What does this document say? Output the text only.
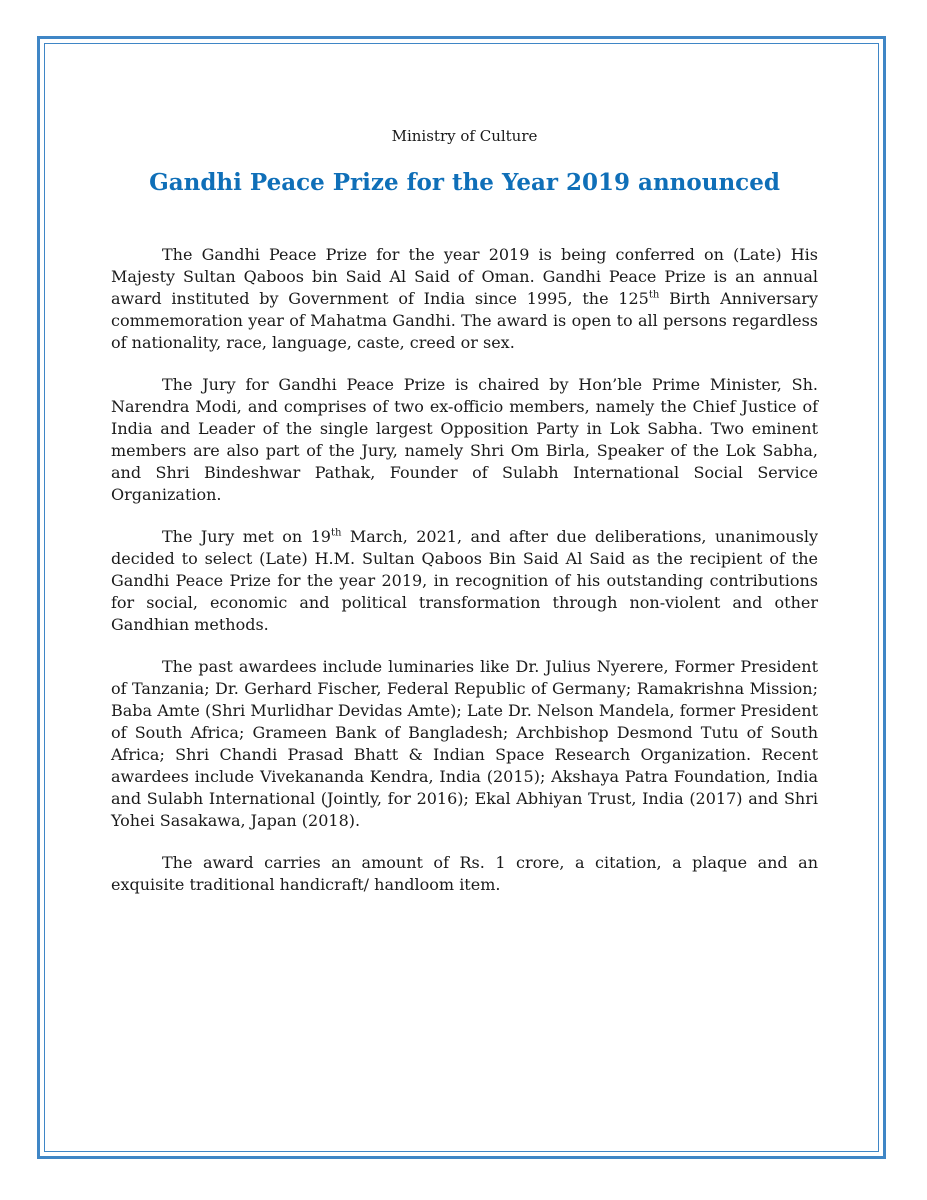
Ministry of Culture

Gandhi Peace Prize for the Year 2019 announced

The Gandhi Peace Prize for the year 2019 is being conferred on (Late) His Majesty Sultan Qaboos bin Said Al Said of Oman. Gandhi Peace Prize is an annual award instituted by Government of India since 1995, the 125th Birth Anniversary commemoration year of Mahatma Gandhi. The award is open to all persons regardless of nationality, race, language, caste, creed or sex.

The Jury for Gandhi Peace Prize is chaired by Hon’ble Prime Minister, Sh. Narendra Modi, and comprises of two ex-officio members, namely the Chief Justice of India and Leader of the single largest Opposition Party in Lok Sabha. Two eminent members are also part of the Jury, namely Shri Om Birla, Speaker of the Lok Sabha, and Shri Bindeshwar Pathak, Founder of Sulabh International Social Service Organization.

The Jury met on 19th March, 2021, and after due deliberations, unanimously decided to select (Late) H.M. Sultan Qaboos Bin Said Al Said as the recipient of the Gandhi Peace Prize for the year 2019, in recognition of his outstanding contributions for social, economic and political transformation through non-violent and other Gandhian methods.

The past awardees include luminaries like Dr. Julius Nyerere, Former President of Tanzania; Dr. Gerhard Fischer, Federal Republic of Germany; Ramakrishna Mission; Baba Amte (Shri Murlidhar Devidas Amte); Late Dr. Nelson Mandela, former President of South Africa; Grameen Bank of Bangladesh; Archbishop Desmond Tutu of South Africa; Shri Chandi Prasad Bhatt & Indian Space Research Organization. Recent awardees include Vivekananda Kendra, India (2015); Akshaya Patra Foundation, India and Sulabh International (Jointly, for 2016); Ekal Abhiyan Trust, India (2017) and Shri Yohei Sasakawa, Japan (2018).

The award carries an amount of Rs. 1 crore, a citation, a plaque and an exquisite traditional handicraft/ handloom item.
